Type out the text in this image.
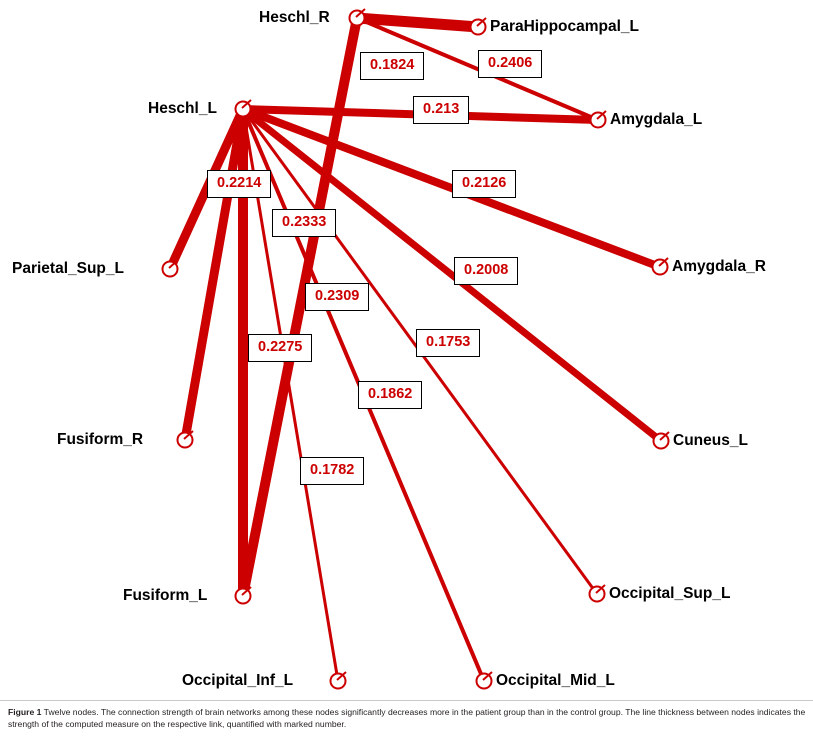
Heschl_R
ParaHippocampal_L
Heschl_L
Amygdala_L
Parietal_Sup_L	Amygdala_R
Fusiform_R	Cuneus_L
Fusiform_L	Occipital_Sup_L
Occipital_Inf_L	Occipital_Mid_L
0.2406
0.1824
0.213
0.2214	0.2126
0.2333
0.2008
0.2309
0.1753
0.2275
0.1862
0.1782
Figure 1 Twelve nodes. The connection strength of brain networks among these nodes significantly decreases more in the patient group than in the control group. The line thickness between nodes indicates the strength of the computed measure on the respective link, quantified with marked number.
